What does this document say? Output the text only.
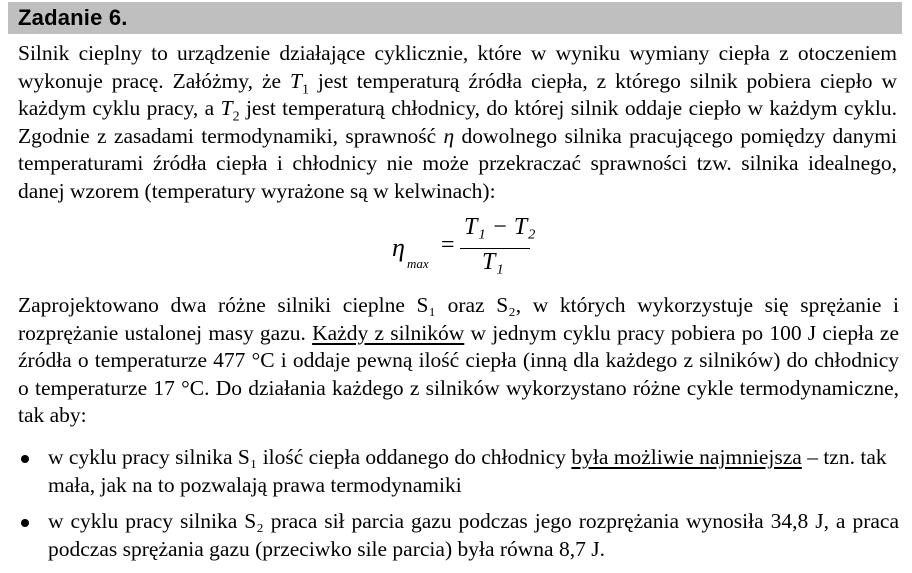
Zadanie 6.

Silnik cieplny to urządzenie działające cyklicznie, które w wyniku wymiany ciepła z otoczeniem wykonuje pracę. Załóżmy, że $T_1$ jest temperaturą źródła ciepła, z którego silnik pobiera ciepło w każdym cyklu pracy, a $T_2$ jest temperaturą chłodnicy, do której silnik oddaje ciepło w każdym cyklu. Zgodnie z zasadami termodynamiki, sprawność η dowolnego silnika pracującego pomiędzy danymi temperaturami źródła ciepła i chłodnicy nie może przekraczać sprawności tzw. silnika idealnego, danej wzorem (temperatury wyrażone są w kelwinach):

η
max
=
T₁ − T₂
T₁

Zaprojektowano dwa różne silniki cieplne S₁ oraz S₂, w których wykorzystuje się sprężanie i rozprężanie ustalonej masy gazu. Każdy z silników w jednym cyklu pracy pobiera po 100 J ciepła ze źródła o temperaturze 477 °C i oddaje pewną ilość ciepła (inną dla każdego z silników) do chłodnicy o temperaturze 17 °C. Do działania każdego z silników wykorzystano różne cykle termodynamiczne, tak aby:

w cyklu pracy silnika S₁ ilość ciepła oddanego do chłodnicy była możliwie najmniejsza – tzn. tak mała, jak na to pozwalają prawa termodynamiki
w cyklu pracy silnika S₂ praca sił parcia gazu podczas jego rozprężania wynosiła 34,8 J, a praca podczas sprężania gazu (przeciwko sile parcia) była równa 8,7 J.
